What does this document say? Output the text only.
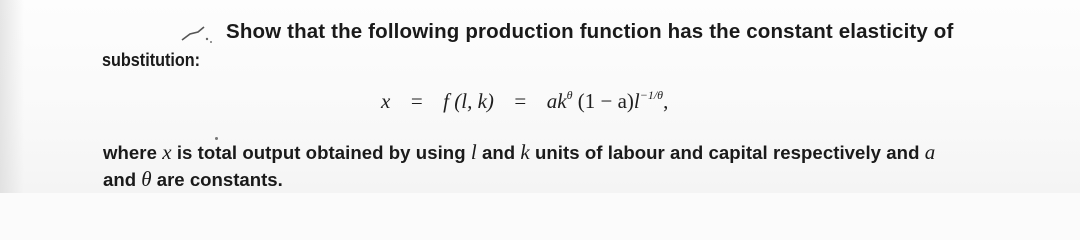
Show that the following production function has the constant elasticity of
substitution:
x = f (l, $k) = ak^\theta$ $(1 - a)l^{-1/\theta}$,
where x is total output obtained by using l and k units of labour and capital respectively and a
and θ are constants.
